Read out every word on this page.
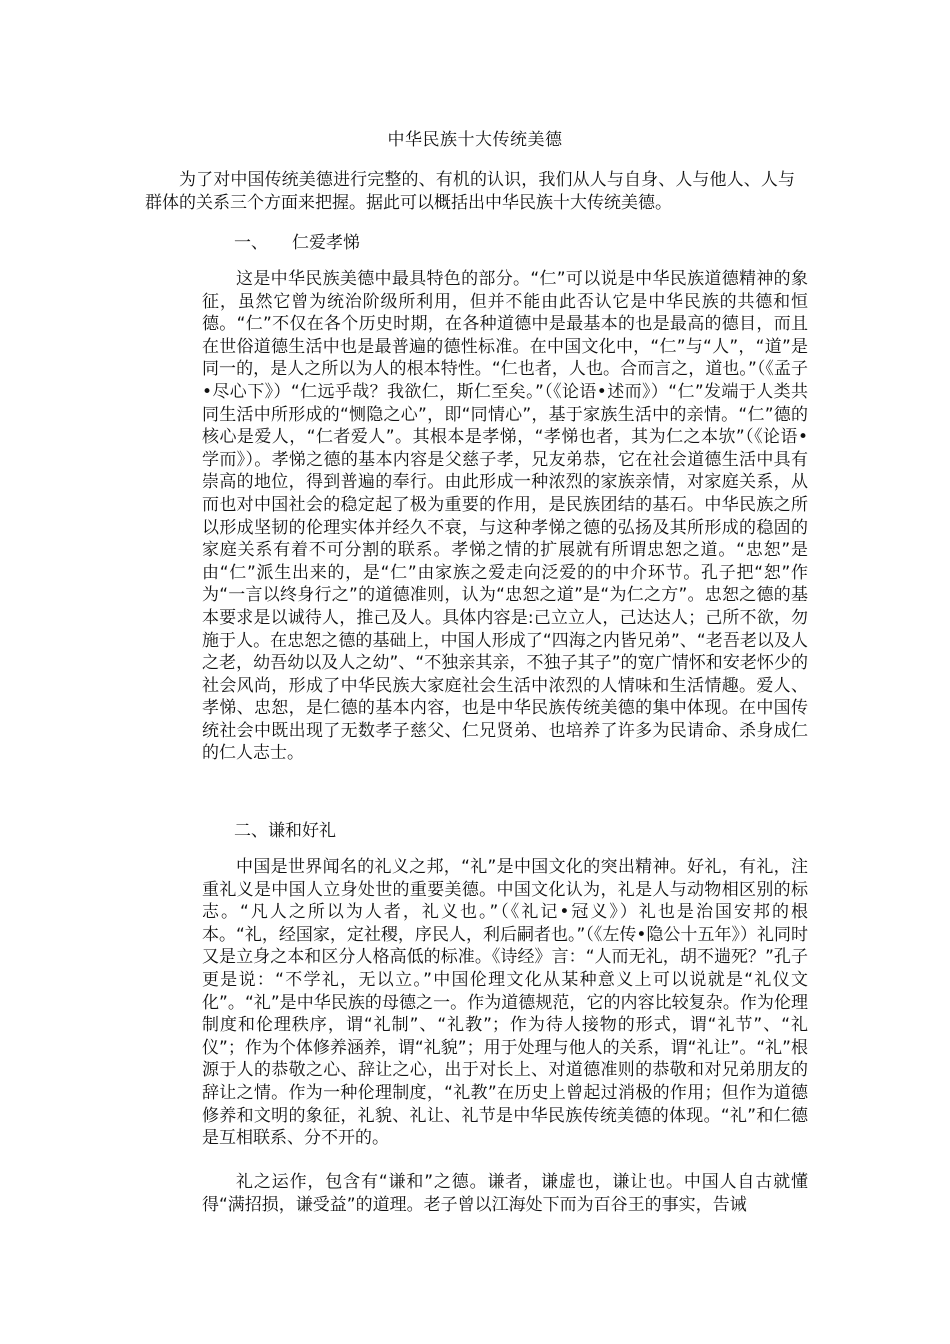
中华民族十大传统美德

为了对中国传统美德进行完整的、有机的认识，我们从人与自身、人与他人、人与群体的关系三个方面来把握。据此可以概括出中华民族十大传统美德。

一、 仁爱孝悌

这是中华民族美德中最具特色的部分。“仁”可以说是中华民族道德精神的象征，虽然它曾为统治阶级所利用，但并不能由此否认它是中华民族的共德和恒德。“仁”不仅在各个历史时期，在各种道德中是最基本的也是最高的德目，而且在世俗道德生活中也是最普遍的德性标准。在中国文化中，“仁”与“人”，“道”是同一的，是人之所以为人的根本特性。“仁也者，人也。合而言之，道也。”（《孟子•尽心下》）“仁远乎哉？我欲仁，斯仁至矣。”（《论语•述而》）“仁”发端于人类共同生活中所形成的“恻隐之心”，即“同情心”，基于家族生活中的亲情。“仁”德的核心是爱人，“仁者爱人”。其根本是孝悌，“孝悌也者，其为仁之本欤”（《论语•学而》）。孝悌之德的基本内容是父慈子孝，兄友弟恭，它在社会道德生活中具有崇高的地位，得到普遍的奉行。由此形成一种浓烈的家族亲情，对家庭关系，从而也对中国社会的稳定起了极为重要的作用，是民族团结的基石。中华民族之所以形成坚韧的伦理实体并经久不衰，与这种孝悌之德的弘扬及其所形成的稳固的家庭关系有着不可分割的联系。孝悌之情的扩展就有所谓忠恕之道。“忠恕”是由“仁”派生出来的，是“仁”由家族之爱走向泛爱的的中介环节。孔子把“恕”作为“一言以终身行之”的道德准则，认为“忠恕之道”是“为仁之方”。忠恕之德的基本要求是以诚待人，推己及人。具体内容是:己立立人，己达达人；己所不欲，勿施于人。在忠恕之德的基础上，中国人形成了“四海之内皆兄弟”、“老吾老以及人之老，幼吾幼以及人之幼”、“不独亲其亲，不独子其子”的宽广情怀和安老怀少的社会风尚，形成了中华民族大家庭社会生活中浓烈的人情味和生活情趣。爱人、孝悌、忠恕，是仁德的基本内容，也是中华民族传统美德的集中体现。在中国传统社会中既出现了无数孝子慈父、仁兄贤弟、也培养了许多为民请命、杀身成仁的仁人志士。

二、谦和好礼

中国是世界闻名的礼义之邦，“礼”是中国文化的突出精神。好礼，有礼，注重礼义是中国人立身处世的重要美德。中国文化认为，礼是人与动物相区别的标志。“凡人之所以为人者，礼义也。”（《礼记•冠义》）礼也是治国安邦的根本。“礼，经国家，定社稷，序民人，利后嗣者也。”（《左传•隐公十五年》）礼同时又是立身之本和区分人格高低的标准。《诗经》言：“人而无礼，胡不遄死？”孔子更是说：“不学礼，无以立。”中国伦理文化从某种意义上可以说就是“礼仪文化”。“礼”是中华民族的母德之一。作为道德规范，它的内容比较复杂。作为伦理制度和伦理秩序，谓“礼制”、“礼教”；作为待人接物的形式，谓“礼节”、“礼仪”；作为个体修养涵养，谓“礼貌”；用于处理与他人的关系，谓“礼让”。“礼”根源于人的恭敬之心、辞让之心，出于对长上、对道德准则的恭敬和对兄弟朋友的辞让之情。作为一种伦理制度，“礼教”在历史上曾起过消极的作用；但作为道德修养和文明的象征，礼貌、礼让、礼节是中华民族传统美德的体现。“礼”和仁德是互相联系、分不开的。

礼之运作，包含有“谦和”之德。谦者，谦虚也，谦让也。中国人自古就懂得“满招损，谦受益”的道理。老子曾以江海处下而为百谷王的事实，告诫
